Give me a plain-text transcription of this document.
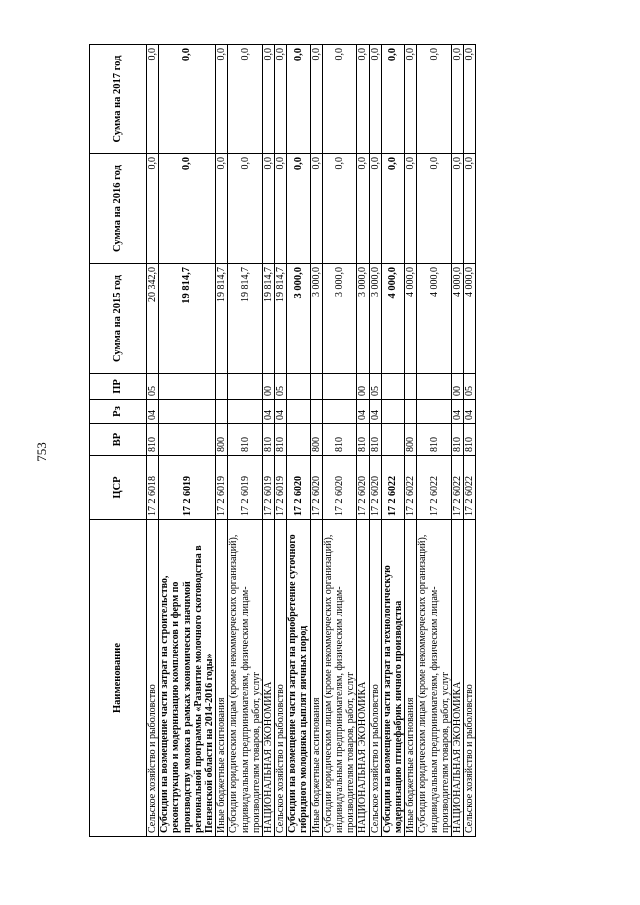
753
Наименование	ЦСР	ВР	Рз	ПР	Сумма на 2015 год	Сумма на 2016 год	Сумма на 2017 год
Сельское хозяйство и рыболовство	17 2 6018	810	04	05	20 342,0	0,0	0,0
Субсидии на возмещение части затрат на строительство, реконструкцию и модернизацию комплексов и ферм по производству молока в рамках экономически значимой региональной программы «Развитие молочного скотоводства в Пензенской области на 2014-2016 годы»	17 2 6019				19 814,7	0,0	0,0
Иные бюджетные ассигнования	17 2 6019	800			19 814,7	0,0	0,0
Субсидии юридическим лицам (кроме некоммерческих организаций), индивидуальным предпринимателям, физическим лицам-производителям товаров, работ, услуг	17 2 6019	810			19 814,7	0,0	0,0
НАЦИОНАЛЬНАЯ ЭКОНОМИКА	17 2 6019	810	04	00	19 814,7	0,0	0,0
Сельское хозяйство и рыболовство	17 2 6019	810	04	05	19 814,7	0,0	0,0
Субсидии на возмещение части затрат на приобретение суточного гибридного молодняка цыплят яичных пород	17 2 6020				3 000,0	0,0	0,0
Иные бюджетные ассигнования	17 2 6020	800			3 000,0	0,0	0,0
Субсидии юридическим лицам (кроме некоммерческих организаций), индивидуальным предпринимателям, физическим лицам-производителям товаров, работ, услуг	17 2 6020	810			3 000,0	0,0	0,0
НАЦИОНАЛЬНАЯ ЭКОНОМИКА	17 2 6020	810	04	00	3 000,0	0,0	0,0
Сельское хозяйство и рыболовство	17 2 6020	810	04	05	3 000,0	0,0	0,0
Субсидии на возмещение части затрат на технологическую модернизацию птицефабрик яичного производства	17 2 6022				4 000,0	0,0	0,0
Иные бюджетные ассигнования	17 2 6022	800			4 000,0	0,0	0,0
Субсидии юридическим лицам (кроме некоммерческих организаций), индивидуальным предпринимателям, физическим лицам-производителям товаров, работ, услуг	17 2 6022	810			4 000,0	0,0	0,0
НАЦИОНАЛЬНАЯ ЭКОНОМИКА	17 2 6022	810	04	00	4 000,0	0,0	0,0
Сельское хозяйство и рыболовство	17 2 6022	810	04	05	4 000,0	0,0	0,0
